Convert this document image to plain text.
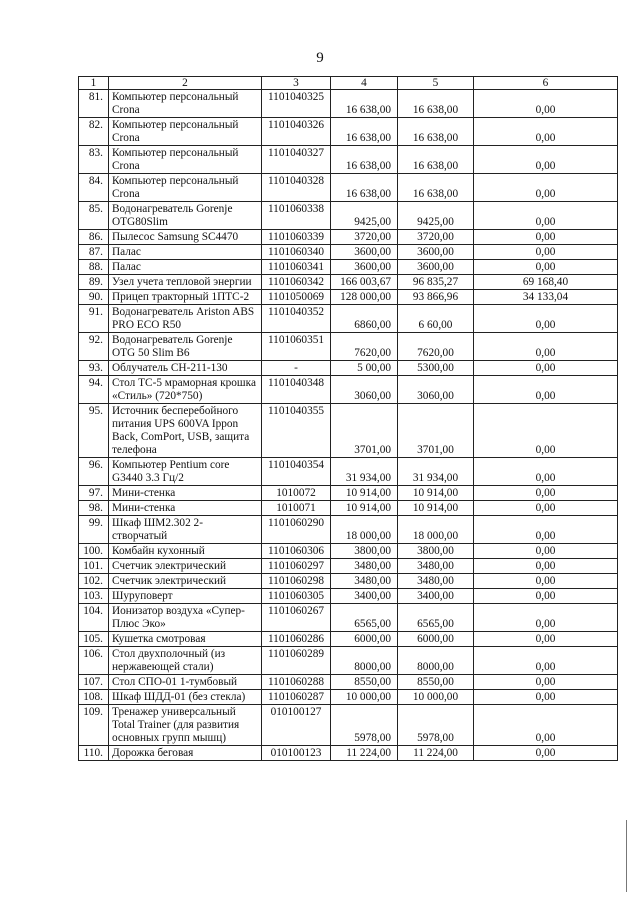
9
1	2	3	4	5	6
81.	Компьютер персональный Crona	1101040325	16 638,00	16 638,00	0,00
82.	Компьютер персональный Crona	1101040326	16 638,00	16 638,00	0,00
83.	Компьютер персональный Crona	1101040327	16 638,00	16 638,00	0,00
84.	Компьютер персональный Crona	1101040328	16 638,00	16 638,00	0,00
85.	Водонагреватель Gorenje OTG80Slim	1101060338	9425,00	9425,00	0,00
86.	Пылесос Samsung SC4470	1101060339	3720,00	3720,00	0,00
87.	Палас	1101060340	3600,00	3600,00	0,00
88.	Палас	1101060341	3600,00	3600,00	0,00
89.	Узел учета тепловой энергии	1101060342	166 003,67	96 835,27	69 168,40
90.	Прицеп тракторный 1ПТС-2	1101050069	128 000,00	93 866,96	34 133,04
91.	Водонагреватель Ariston ABS PRO ECO R50	1101040352	6860,00	6 60,00	0,00
92.	Водонагреватель Gorenje OTG 50 Slim B6	1101060351	7620,00	7620,00	0,00
93.	Облучатель СН-211-130	-	5 00,00	5300,00	0,00
94.	Стол ТС-5 мраморная крошка «Стиль» (720*750)	1101040348	3060,00	3060,00	0,00
95.	Источник бесперебойного питания UPS 600VA Ippon Back, ComPort, USB, защита телефона	1101040355	3701,00	3701,00	0,00
96.	Компьютер Pentium core G3440 3.3 Гц/2	1101040354	31 934,00	31 934,00	0,00
97.	Мини-стенка	1010072	10 914,00	10 914,00	0,00
98.	Мини-стенка	1010071	10 914,00	10 914,00	0,00
99.	Шкаф ШМ2.302 2-створчатый	1101060290	18 000,00	18 000,00	0,00
100.	Комбайн кухонный	1101060306	3800,00	3800,00	0,00
101.	Счетчик электрический	1101060297	3480,00	3480,00	0,00
102.	Счетчик электрический	1101060298	3480,00	3480,00	0,00
103.	Шуруповерт	1101060305	3400,00	3400,00	0,00
104.	Ионизатор воздуха «Супер-Плюс Эко»	1101060267	6565,00	6565,00	0,00
105.	Кушетка смотровая	1101060286	6000,00	6000,00	0,00
106.	Стол двухполочный (из нержавеющей стали)	1101060289	8000,00	8000,00	0,00
107.	Стол СПО-01 1-тумбовый	1101060288	8550,00	8550,00	0,00
108.	Шкаф ШДД-01 (без стекла)	1101060287	10 000,00	10 000,00	0,00
109.	Тренажер универсальный Total Trainer (для развития основных групп мышц)	010100127	5978,00	5978,00	0,00
110.	Дорожка беговая	010100123	11 224,00	11 224,00	0,00
